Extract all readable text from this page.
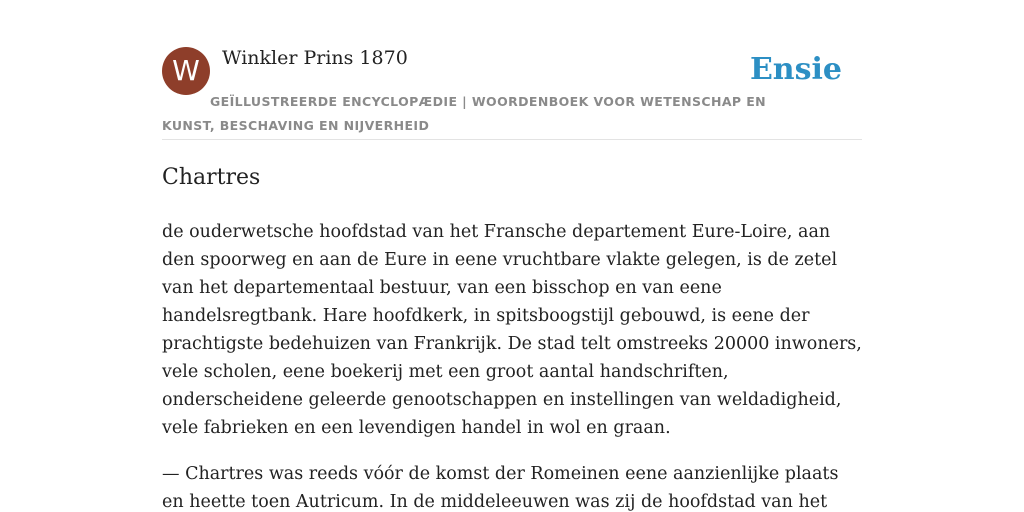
W	Winkler Prins 1870	Ensie
GEÏLLUSTREERDE ENCYCLOPÆDIE | WOORDENBOEK VOOR WETENSCHAP EN KUNST, BESCHAVING EN NIJVERHEID
Chartres

de ouderwetsche hoofdstad van het Fransche departement Eure-Loire, aan den spoorweg en aan de Eure in eene vruchtbare vlakte gelegen, is de zetel van het departementaal bestuur, van een bisschop en van eene handelsregtbank. Hare hoofdkerk, in spitsboogstijl gebouwd, is eene der prachtigste bedehuizen van Frankrijk. De stad telt omstreeks 20000 inwoners, vele scholen, eene boekerij met een groot aantal handschriften, onderscheidene geleerde genootschappen en instellingen van weldadigheid, vele fabrieken en een levendigen handel in wol en graan.

— Chartres was reeds vóór de komst der Romeinen eene aanzienlijke plaats en heette toen Autricum. In de middeleeuwen was zij de hoofdstad van het
